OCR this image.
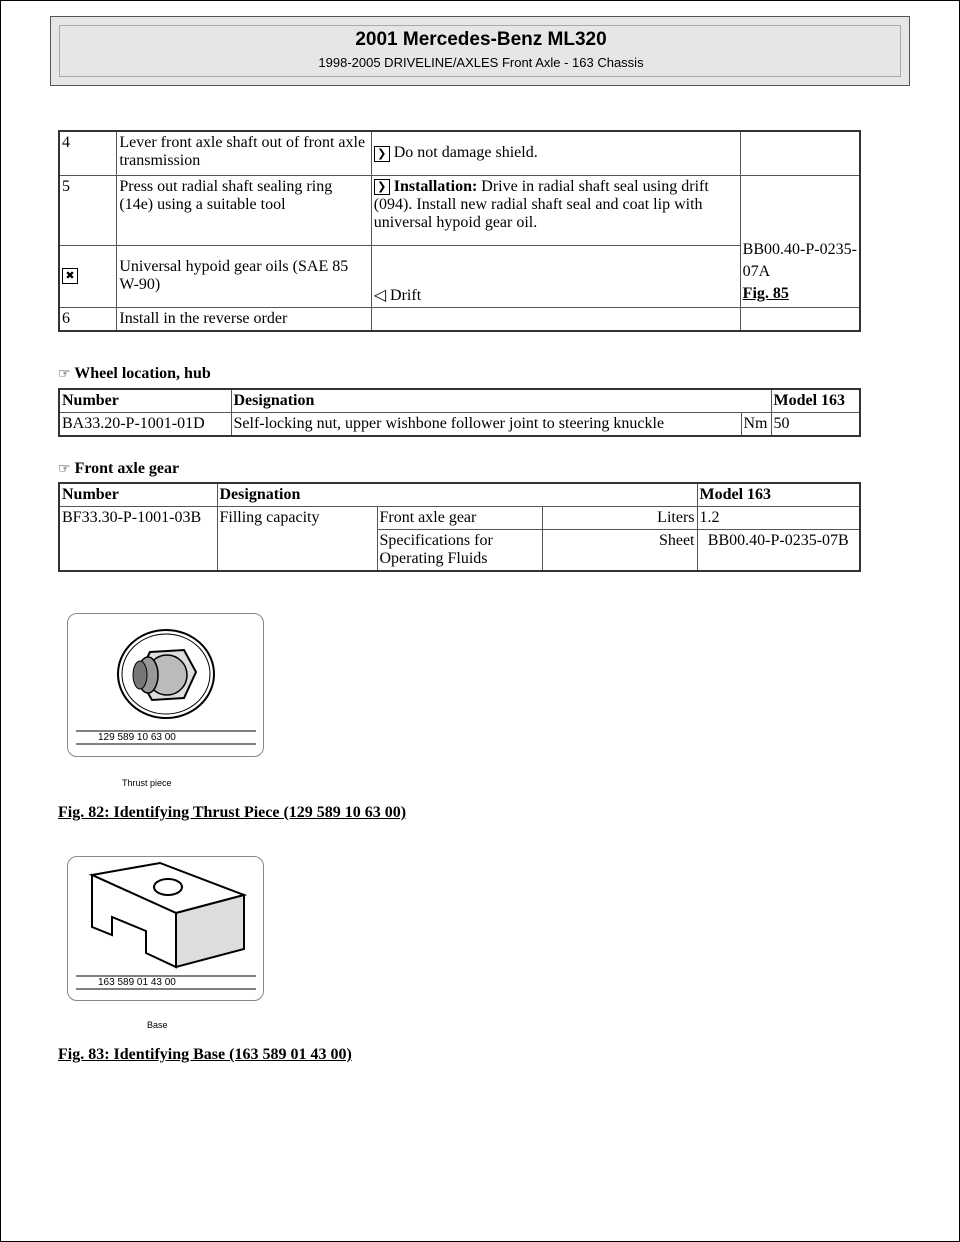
2001 Mercedes-Benz ML320
1998-2005 DRIVELINE/AXLES Front Axle - 163 Chassis
4	Lever front axle shaft out of front axle transmission	❯ Do not damage shield.	
5	Press out radial shaft sealing ring (14e) using a suitable tool	❯ Installation: Drive in radial shaft seal using drift (094). Install new radial shaft seal and coat lip with universal hypoid gear oil.	BB00.40-P-0235-07A
Fig. 85

✖	Universal hypoid gear oils (SAE 85 W-90)	◁ Drift	
6	Install in the reverse order		
☞ Wheel location, hub
Number	Designation		Model 163
BA33.20-P-1001-01D	Self-locking nut, upper wishbone follower joint to steering knuckle	Nm	50
☞ Front axle gear
Number	Designation			Model 163
BF33.30-P-1001-03B	Filling capacity	Front axle gear	Liters	1.2
		Specifications for Operating Fluids	Sheet	BB00.40-P-0235-07B
129 589 10 63 00
Thrust piece
Fig. 82: Identifying Thrust Piece (129 589 10 63 00)
163 589 01 43 00
Base
Fig. 83: Identifying Base (163 589 01 43 00)
